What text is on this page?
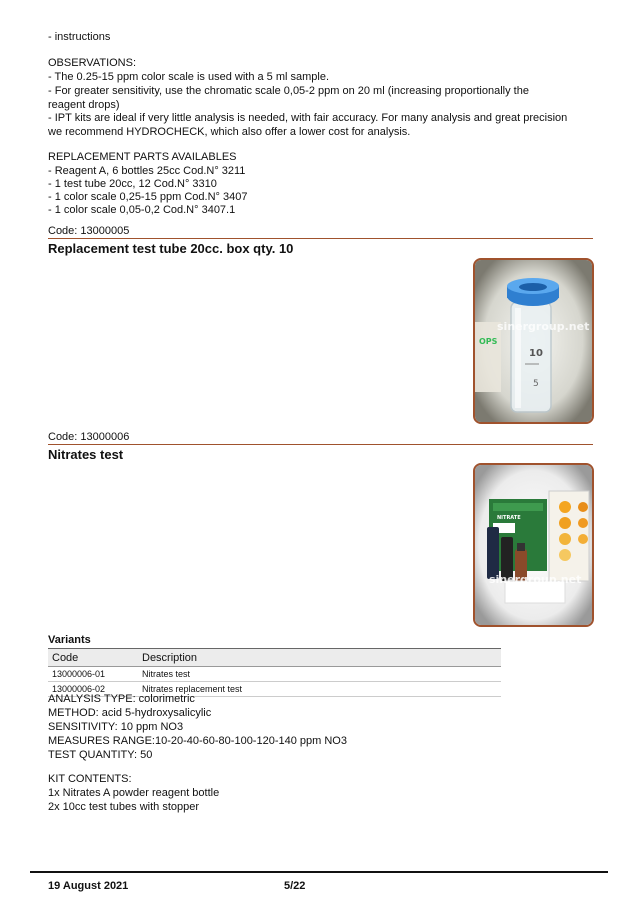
- instructions
OBSERVATIONS:
- The 0.25-15 ppm color scale is used with a 5 ml sample.
- For greater sensitivity, use the chromatic scale 0,05-2 ppm on 20 ml (increasing proportionally the reagent drops)
- IPT kits are ideal if very little analysis is needed, with fair accuracy. For many analysis and great precision we recommend HYDROCHECK, which also offer a lower cost for analysis.
REPLACEMENT PARTS AVAILABLES
- Reagent A, 6 bottles 25cc Cod.N° 3211
- 1 test tube 20cc, 12 Cod.N° 3310
- 1 color scale 0,25-15 ppm Cod.N° 3407
- 1 color scale 0,05-0,2 Cod.N° 3407.1
Code: 13000005
Replacement test tube 20cc. box qty. 10
OPS
10
5
sinergroup.net
Code: 13000006
Nitrates test
NITRATE
sinergroup.net
Variants
Code	Description
13000006-01	Nitrates test
13000006-02	Nitrates replacement test
ANALYSIS TYPE: colorimetric
METHOD: acid 5-hydroxysalicylic
SENSITIVITY: 10 ppm NO3
MEASURES RANGE:10-20-40-60-80-100-120-140 ppm NO3
TEST QUANTITY: 50
KIT CONTENTS:
1x Nitrates A powder reagent bottle
2x 10cc test tubes with stopper
19 August 2021	5/22
